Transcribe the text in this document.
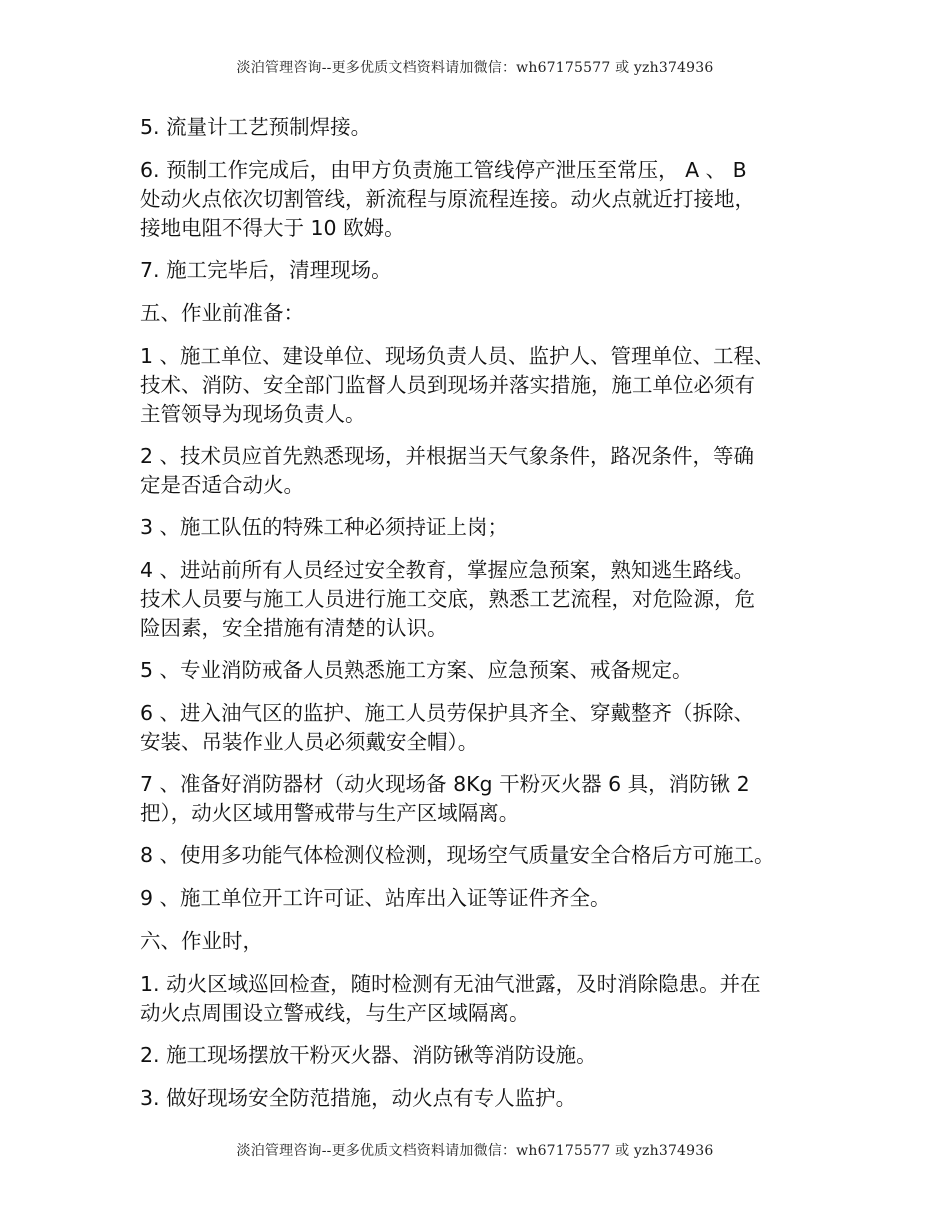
淡泊管理咨询--更多优质文档资料请加微信：wh67175577 或 yzh374936

5. 流量计工艺预制焊接。

6. 预制工作完成后，由甲方负责施工管线停产泄压至常压， A 、 B
处动火点依次切割管线，新流程与原流程连接。动火点就近打接地，
接地电阻不得大于 10 欧姆。

7. 施工完毕后，清理现场。

五、作业前准备：

1 、施工单位、建设单位、现场负责人员、监护人、管理单位、工程、
技术、消防、安全部门监督人员到现场并落实措施，施工单位必须有
主管领导为现场负责人。

2 、技术员应首先熟悉现场，并根据当天气象条件，路况条件，等确
定是否适合动火。

3 、施工队伍的特殊工种必须持证上岗；

4 、进站前所有人员经过安全教育，掌握应急预案，熟知逃生路线。
技术人员要与施工人员进行施工交底，熟悉工艺流程，对危险源，危
险因素，安全措施有清楚的认识。

5 、专业消防戒备人员熟悉施工方案、应急预案、戒备规定。

6 、进入油气区的监护、施工人员劳保护具齐全、穿戴整齐（拆除、
安装、吊装作业人员必须戴安全帽）。

7 、准备好消防器材（动火现场备 8Kg 干粉灭火器 6 具，消防锹 2
把），动火区域用警戒带与生产区域隔离。

8 、使用多功能气体检测仪检测，现场空气质量安全合格后方可施工。

9 、施工单位开工许可证、站库出入证等证件齐全。

六、作业时，

1. 动火区域巡回检查，随时检测有无油气泄露，及时消除隐患。并在
动火点周围设立警戒线，与生产区域隔离。

2. 施工现场摆放干粉灭火器、消防锹等消防设施。

3. 做好现场安全防范措施，动火点有专人监护。

淡泊管理咨询--更多优质文档资料请加微信：wh67175577 或 yzh374936
